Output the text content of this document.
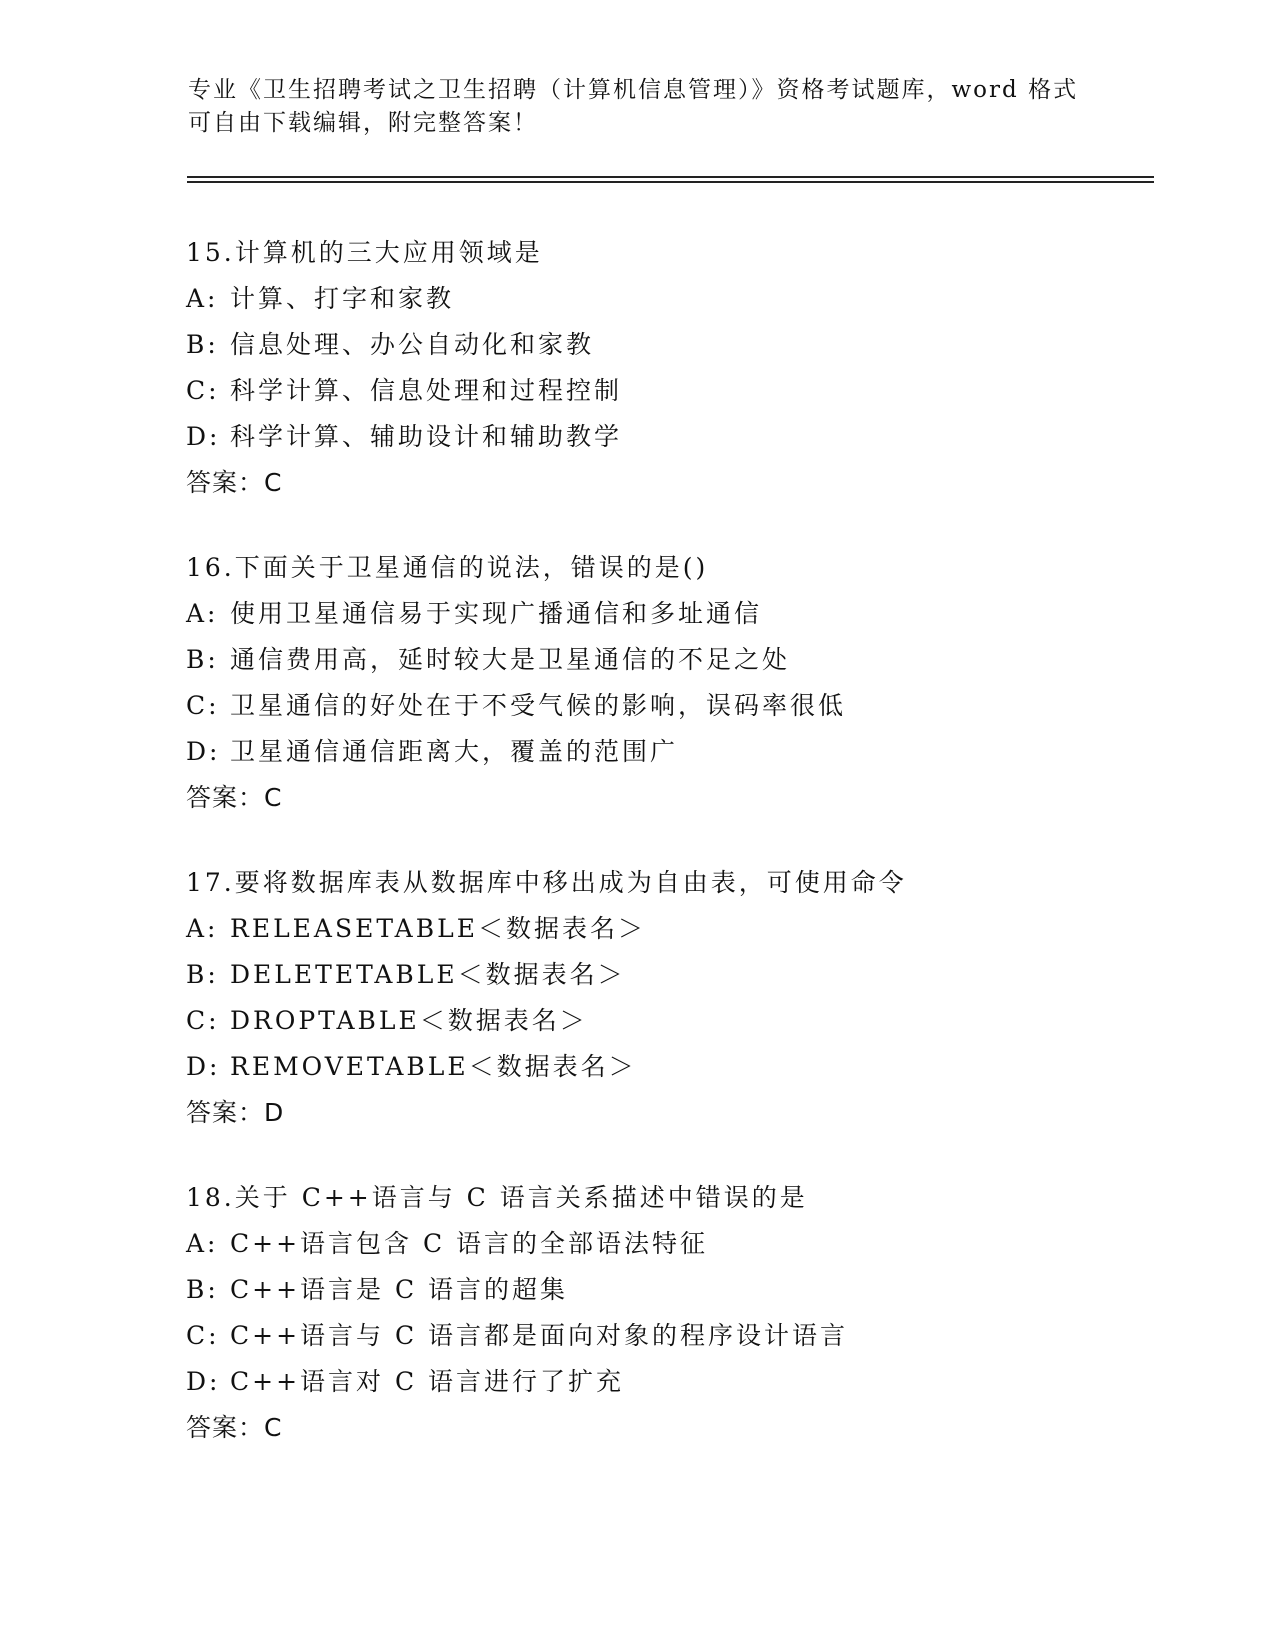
专业《卫生招聘考试之卫生招聘（计算机信息管理）》资格考试题库，word 格式
可自由下载编辑，附完整答案！
15.计算机的三大应用领域是
A: 计算、打字和家教
B: 信息处理、办公自动化和家教
C: 科学计算、信息处理和过程控制
D: 科学计算、辅助设计和辅助教学
答案：C
16.下面关于卫星通信的说法，错误的是()
A: 使用卫星通信易于实现广播通信和多址通信
B: 通信费用高，延时较大是卫星通信的不足之处
C: 卫星通信的好处在于不受气候的影响，误码率很低
D: 卫星通信通信距离大，覆盖的范围广
答案：C
17.要将数据库表从数据库中移出成为自由表，可使用命令
A: RELEASETABLE＜数据表名＞
B: DELETETABLE＜数据表名＞
C: DROPTABLE＜数据表名＞
D: REMOVETABLE＜数据表名＞
答案：D
18.关于 C++语言与 C 语言关系描述中错误的是
A: C++语言包含 C 语言的全部语法特征
B: C++语言是 C 语言的超集
C: C++语言与 C 语言都是面向对象的程序设计语言
D: C++语言对 C 语言进行了扩充
答案：C
